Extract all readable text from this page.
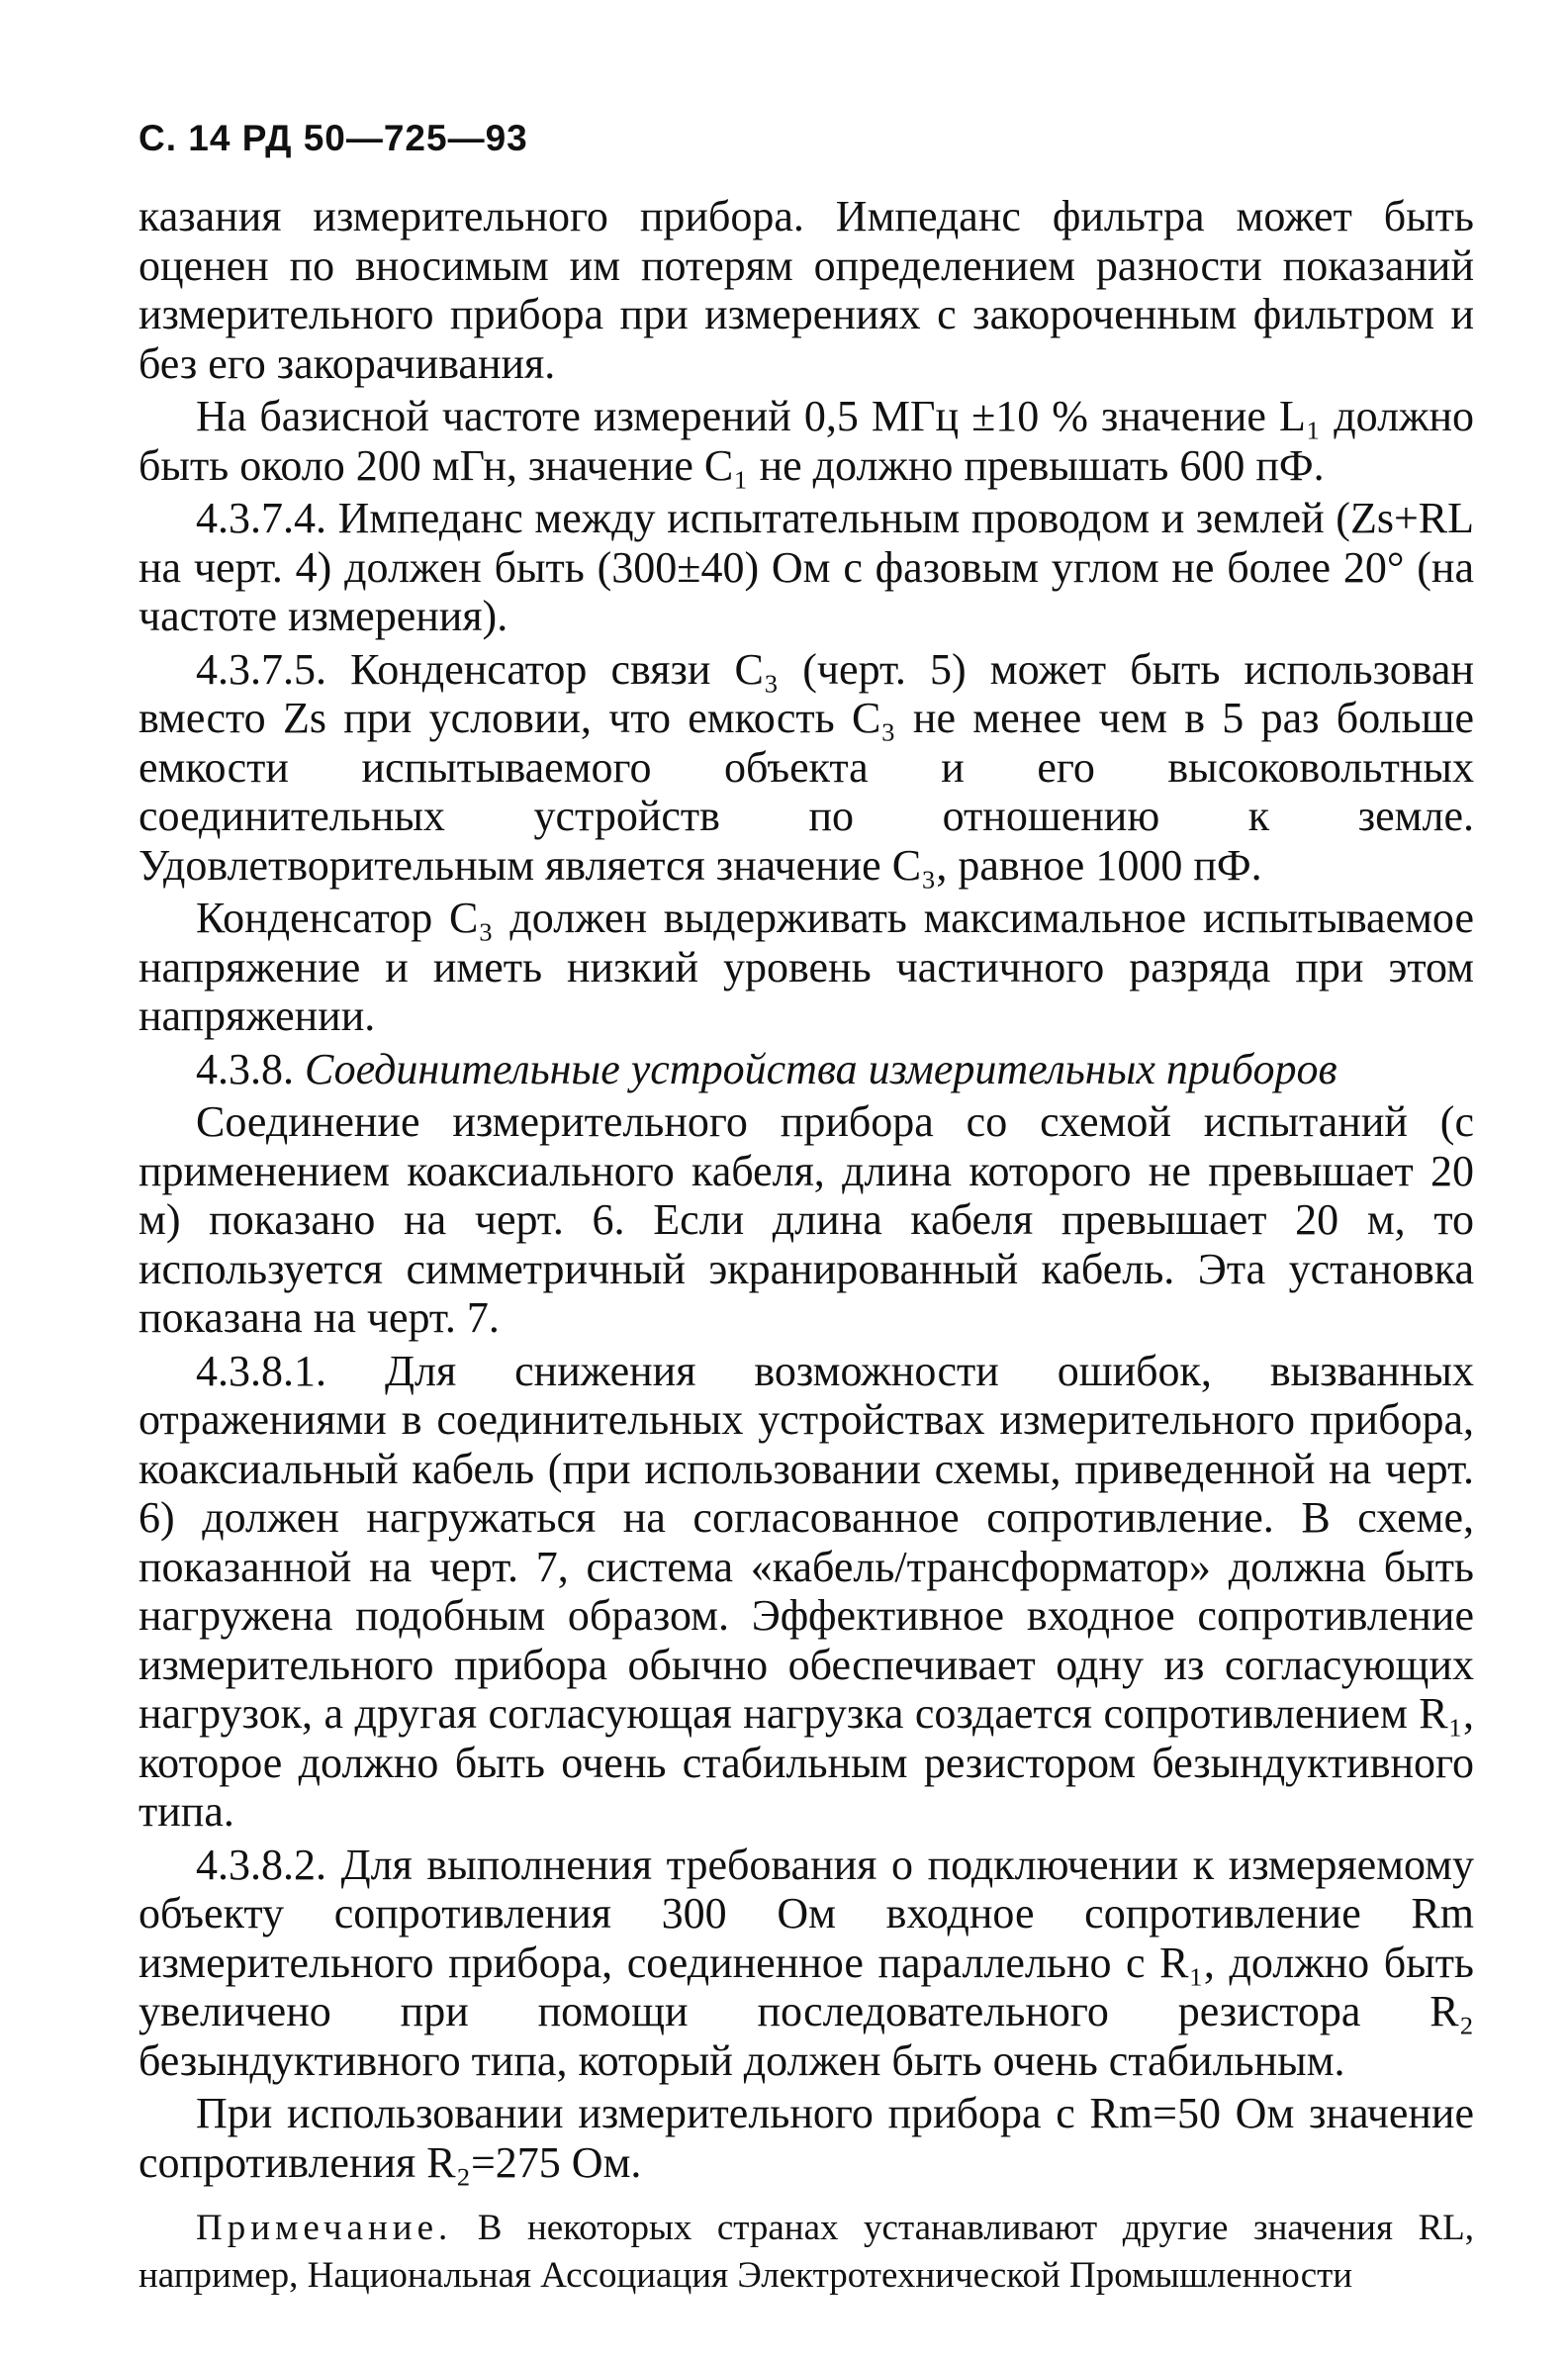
С. 14 РД 50—725—93

казания измерительного прибора. Импеданс фильтра может быть оценен по вносимым им потерям определением разности показаний измерительного прибора при измерениях с закороченным фильтром и без его закорачивания.

На базисной частоте измерений 0,5 МГц ±10 % значение L₁ должно быть около 200 мГн, значение C₁ не должно превышать 600 пФ.

4.3.7.4. Импеданс между испытательным проводом и землей (Zs+RL на черт. 4) должен быть (300±40) Ом с фазовым углом не более 20° (на частоте измерения).

4.3.7.5. Конденсатор связи C₃ (черт. 5) может быть использован вместо Zs при условии, что емкость C₃ не менее чем в 5 раз больше емкости испытываемого объекта и его высоковольтных соединительных устройств по отношению к земле. Удовлетворительным является значение C₃, равное 1000 пФ.

Конденсатор C₃ должен выдерживать максимальное испытываемое напряжение и иметь низкий уровень частичного разряда при этом напряжении.

4.3.8. Соединительные устройства измерительных приборов

Соединение измерительного прибора со схемой испытаний (с применением коаксиального кабеля, длина которого не превышает 20 м) показано на черт. 6. Если длина кабеля превышает 20 м, то используется симметричный экранированный кабель. Эта установка показана на черт. 7.

4.3.8.1. Для снижения возможности ошибок, вызванных отражениями в соединительных устройствах измерительного прибора, коаксиальный кабель (при использовании схемы, приведенной на черт. 6) должен нагружаться на согласованное сопротивление. В схеме, показанной на черт. 7, система «кабель/трансформатор» должна быть нагружена подобным образом. Эффективное входное сопротивление измерительного прибора обычно обеспечивает одну из согласующих нагрузок, а другая согласующая нагрузка создается сопротивлением R₁, которое должно быть очень стабильным резистором безындуктивного типа.

4.3.8.2. Для выполнения требования о подключении к измеряемому объекту сопротивления 300 Ом входное сопротивление Rm измерительного прибора, соединенное параллельно с R₁, должно быть увеличено при помощи последовательного резистора R₂ безындуктивного типа, который должен быть очень стабильным.

При использовании измерительного прибора с Rm=50 Ом значение сопротивления R₂=275 Ом.

Примечание. В некоторых странах устанавливают другие значения RL, например, Национальная Ассоциация Электротехнической Промышленности
